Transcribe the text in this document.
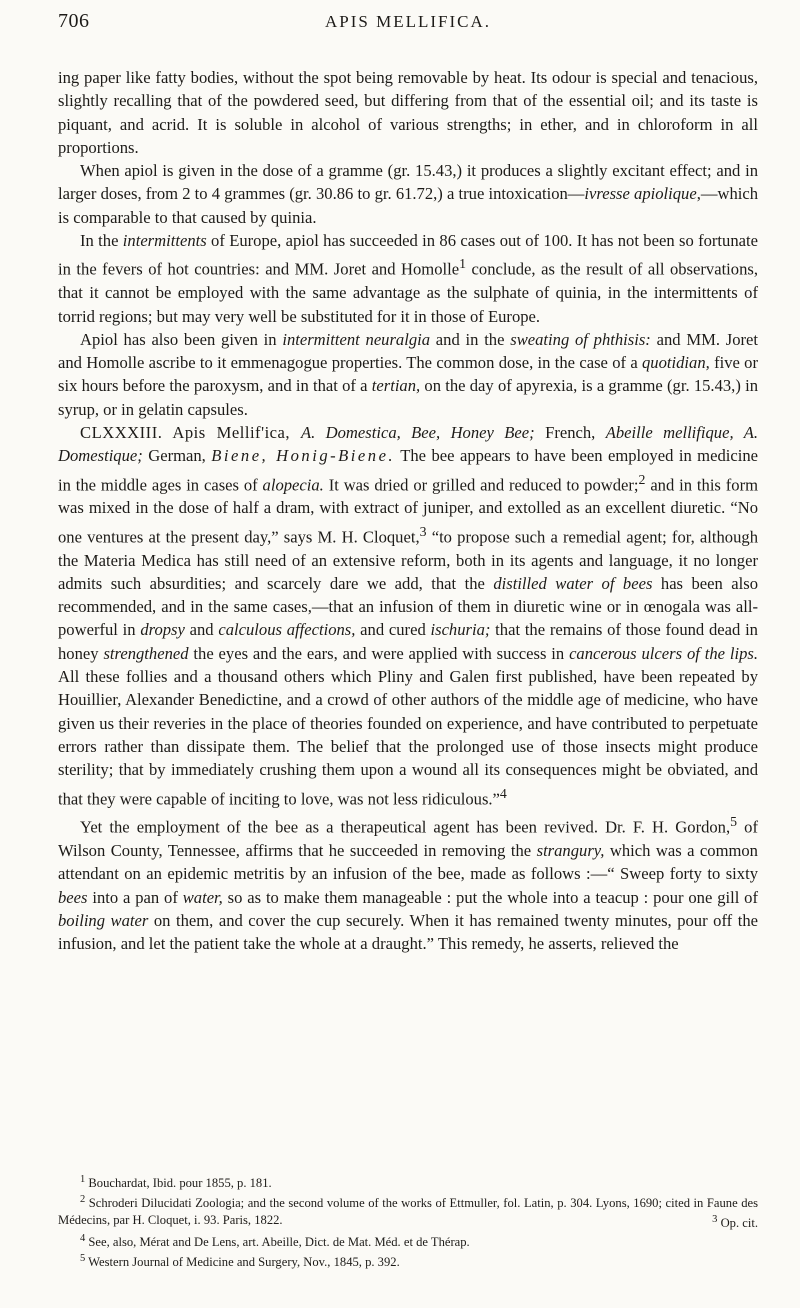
706	APIS MELLIFICA.

ing paper like fatty bodies, without the spot being removable by heat. Its odour is special and tenacious, slightly recalling that of the powdered seed, but differing from that of the essential oil; and its taste is piquant, and acrid. It is soluble in alcohol of various strengths; in ether, and in chloroform in all proportions.

When apiol is given in the dose of a gramme (gr. 15.43,) it produces a slightly excitant effect; and in larger doses, from 2 to 4 grammes (gr. 30.86 to gr. 61.72,) a true intoxication—ivresse apiolique,—which is comparable to that caused by quinia.

In the intermittents of Europe, apiol has succeeded in 86 cases out of 100. It has not been so fortunate in the fevers of hot countries: and MM. Joret and Homolle$^1$ conclude, as the result of all observations, that it cannot be employed with the same advantage as the sulphate of quinia, in the intermittents of torrid regions; but may very well be substituted for it in those of Europe.

Apiol has also been given in intermittent neuralgia and in the sweating of phthisis: and MM. Joret and Homolle ascribe to it emmenagogue properties. The common dose, in the case of a quotidian, five or six hours before the paroxysm, and in that of a tertian, on the day of apyrexia, is a gramme (gr. 15.43,) in syrup, or in gelatin capsules.

CLXXXIII. Apis Mellif'ica, A. Domestica, Bee, Honey Bee; French, Abeille mellifique, A. Domestique; German, Biene, Honig-Biene. The bee appears to have been employed in medicine in the middle ages in cases of alopecia. It was dried or grilled and reduced to powder;$^2$ and in this form was mixed in the dose of half a dram, with extract of juniper, and extolled as an excellent diuretic. “No one ventures at the present day,” says M. H. Cloquet,$^3$ “to propose such a remedial agent; for, although the Materia Medica has still need of an extensive reform, both in its agents and language, it no longer admits such absurdities; and scarcely dare we add, that the distilled water of bees has been also recommended, and in the same cases,—that an infusion of them in diuretic wine or in œnogala was all-powerful in dropsy and calculous affections, and cured ischuria; that the remains of those found dead in honey strengthened the eyes and the ears, and were applied with success in cancerous ulcers of the lips. All these follies and a thousand others which Pliny and Galen first published, have been repeated by Houillier, Alexander Benedictine, and a crowd of other authors of the middle age of medicine, who have given us their reveries in the place of theories founded on experience, and have contributed to perpetuate errors rather than dissipate them. The belief that the prolonged use of those insects might produce sterility; that by immediately crushing them upon a wound all its consequences might be obviated, and that they were capable of inciting to love, was not less ridiculous.”$^4$

Yet the employment of the bee as a therapeutical agent has been revived. Dr. F. H. Gordon,$^5$ of Wilson County, Tennessee, affirms that he succeeded in removing the strangury, which was a common attendant on an epidemic metritis by an infusion of the bee, made as follows :—“ Sweep forty to sixty bees into a pan of water, so as to make them manageable : put the whole into a teacup : pour one gill of boiling water on them, and cover the cup securely. When it has remained twenty minutes, pour off the infusion, and let the patient take the whole at a draught.” This remedy, he asserts, relieved the

$^1$ Bouchardat, Ibid. pour 1855, p. 181.

$^2$ Schroderi Dilucidati Zoologia; and the second volume of the works of Ettmuller, fol. Latin, p. 304. Lyons, 1690; cited in Faune des Médecins, par H. Cloquet, i. 93. Paris, 1822.	$^3$ Op. cit.

$^4$ See, also, Mérat and De Lens, art. Abeille, Dict. de Mat. Méd. et de Thérap.

$^5$ Western Journal of Medicine and Surgery, Nov., 1845, p. 392.
